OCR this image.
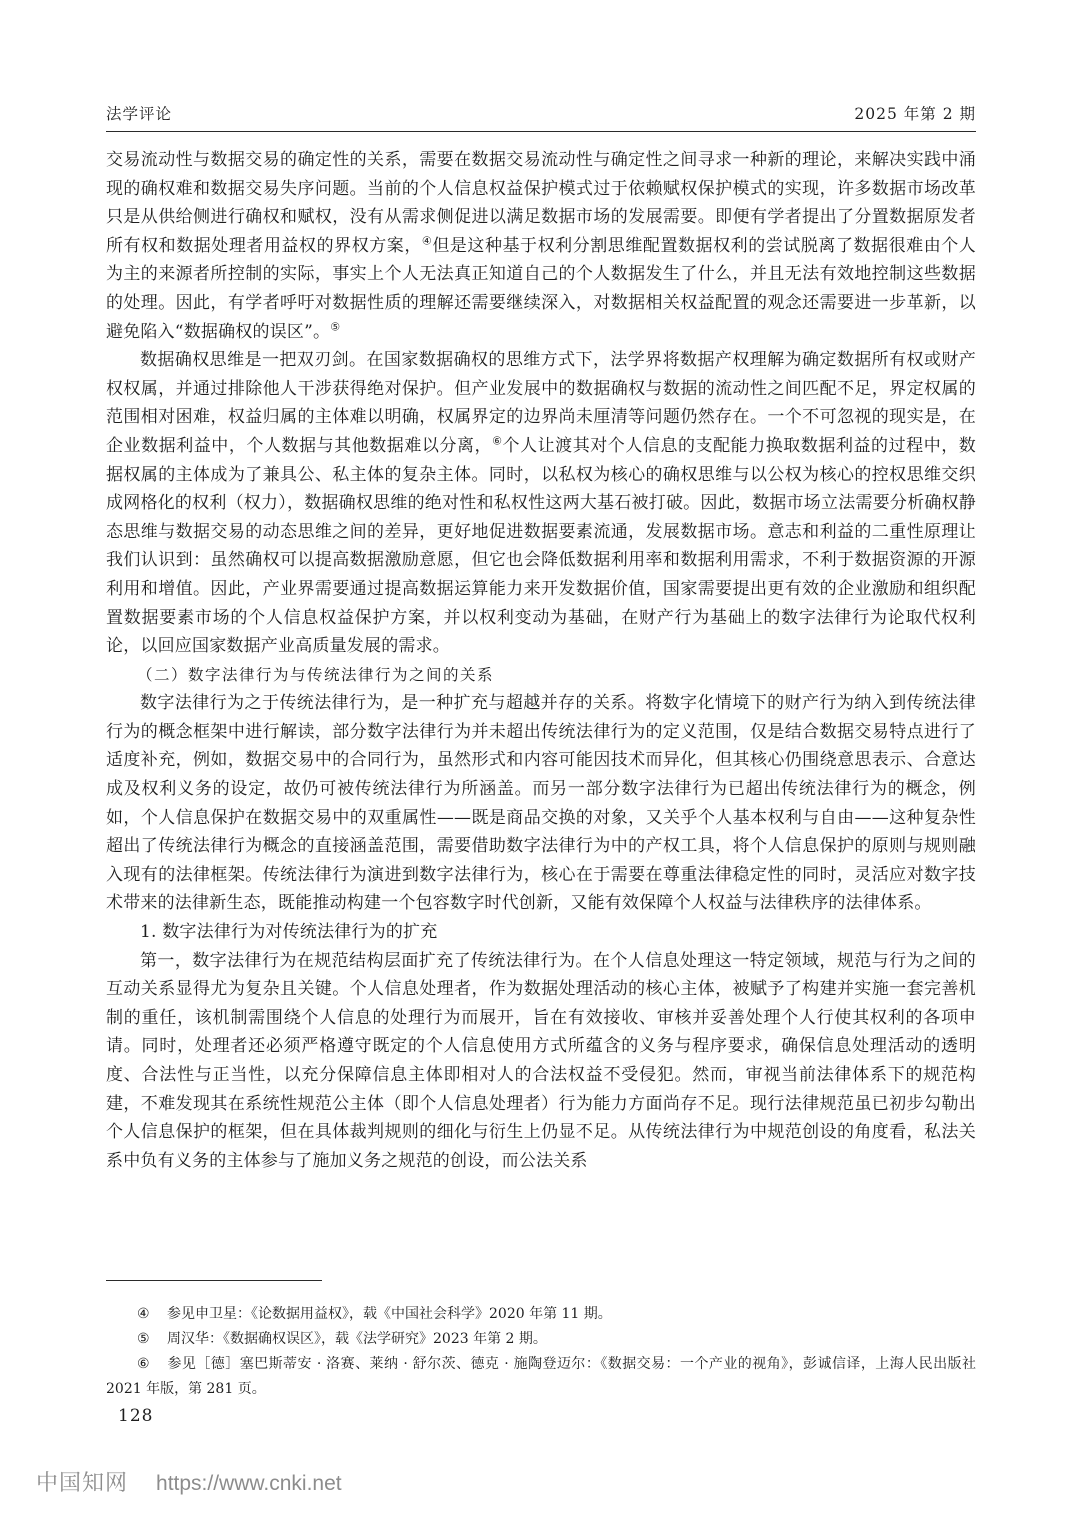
法学评论	2025 年第 2 期

交易流动性与数据交易的确定性的关系，需要在数据交易流动性与确定性之间寻求一种新的理论，来解决实践中涌现的确权难和数据交易失序问题。当前的个人信息权益保护模式过于依赖赋权保护模式的实现，许多数据市场改革只是从供给侧进行确权和赋权，没有从需求侧促进以满足数据市场的发展需要。即便有学者提出了分置数据原发者所有权和数据处理者用益权的界权方案，④但是这种基于权利分割思维配置数据权利的尝试脱离了数据很难由个人为主的来源者所控制的实际，事实上个人无法真正知道自己的个人数据发生了什么，并且无法有效地控制这些数据的处理。因此，有学者呼吁对数据性质的理解还需要继续深入，对数据相关权益配置的观念还需要进一步革新，以避免陷入“数据确权的误区”。⑤

数据确权思维是一把双刃剑。在国家数据确权的思维方式下，法学界将数据产权理解为确定数据所有权或财产权权属，并通过排除他人干涉获得绝对保护。但产业发展中的数据确权与数据的流动性之间匹配不足，界定权属的范围相对困难，权益归属的主体难以明确，权属界定的边界尚未厘清等问题仍然存在。一个不可忽视的现实是，在企业数据利益中，个人数据与其他数据难以分离，⑥个人让渡其对个人信息的支配能力换取数据利益的过程中，数据权属的主体成为了兼具公、私主体的复杂主体。同时，以私权为核心的确权思维与以公权为核心的控权思维交织成网格化的权利（权力），数据确权思维的绝对性和私权性这两大基石被打破。因此，数据市场立法需要分析确权静态思维与数据交易的动态思维之间的差异，更好地促进数据要素流通，发展数据市场。意志和利益的二重性原理让我们认识到：虽然确权可以提高数据激励意愿，但它也会降低数据利用率和数据利用需求，不利于数据资源的开源利用和增值。因此，产业界需要通过提高数据运算能力来开发数据价值，国家需要提出更有效的企业激励和组织配置数据要素市场的个人信息权益保护方案，并以权利变动为基础，在财产行为基础上的数字法律行为论取代权利论，以回应国家数据产业高质量发展的需求。

（二）数字法律行为与传统法律行为之间的关系

数字法律行为之于传统法律行为，是一种扩充与超越并存的关系。将数字化情境下的财产行为纳入到传统法律行为的概念框架中进行解读，部分数字法律行为并未超出传统法律行为的定义范围，仅是结合数据交易特点进行了适度补充，例如，数据交易中的合同行为，虽然形式和内容可能因技术而异化，但其核心仍围绕意思表示、合意达成及权利义务的设定，故仍可被传统法律行为所涵盖。而另一部分数字法律行为已超出传统法律行为的概念，例如，个人信息保护在数据交易中的双重属性——既是商品交换的对象，又关乎个人基本权利与自由——这种复杂性超出了传统法律行为概念的直接涵盖范围，需要借助数字法律行为中的产权工具，将个人信息保护的原则与规则融入现有的法律框架。传统法律行为演进到数字法律行为，核心在于需要在尊重法律稳定性的同时，灵活应对数字技术带来的法律新生态，既能推动构建一个包容数字时代创新，又能有效保障个人权益与法律秩序的法律体系。

1. 数字法律行为对传统法律行为的扩充

第一，数字法律行为在规范结构层面扩充了传统法律行为。在个人信息处理这一特定领域，规范与行为之间的互动关系显得尤为复杂且关键。个人信息处理者，作为数据处理活动的核心主体，被赋予了构建并实施一套完善机制的重任，该机制需围绕个人信息的处理行为而展开，旨在有效接收、审核并妥善处理个人行使其权利的各项申请。同时，处理者还必须严格遵守既定的个人信息使用方式所蕴含的义务与程序要求，确保信息处理活动的透明度、合法性与正当性，以充分保障信息主体即相对人的合法权益不受侵犯。然而，审视当前法律体系下的规范构建，不难发现其在系统性规范公主体（即个人信息处理者）行为能力方面尚存不足。现行法律规范虽已初步勾勒出个人信息保护的框架，但在具体裁判规则的细化与衍生上仍显不足。从传统法律行为中规范创设的角度看，私法关系中负有义务的主体参与了施加义务之规范的创设，而公法关系

④ 参见申卫星：《论数据用益权》，载《中国社会科学》2020 年第 11 期。

⑤ 周汉华：《数据确权误区》，载《法学研究》2023 年第 2 期。

⑥ 参见［德］塞巴斯蒂安 · 洛赛、莱纳 · 舒尔茨、德克 · 施陶登迈尔：《数据交易：一个产业的视角》，彭诚信译，上海人民出版社 2021 年版，第 281 页。

128
中国知网 https://www.cnki.net
